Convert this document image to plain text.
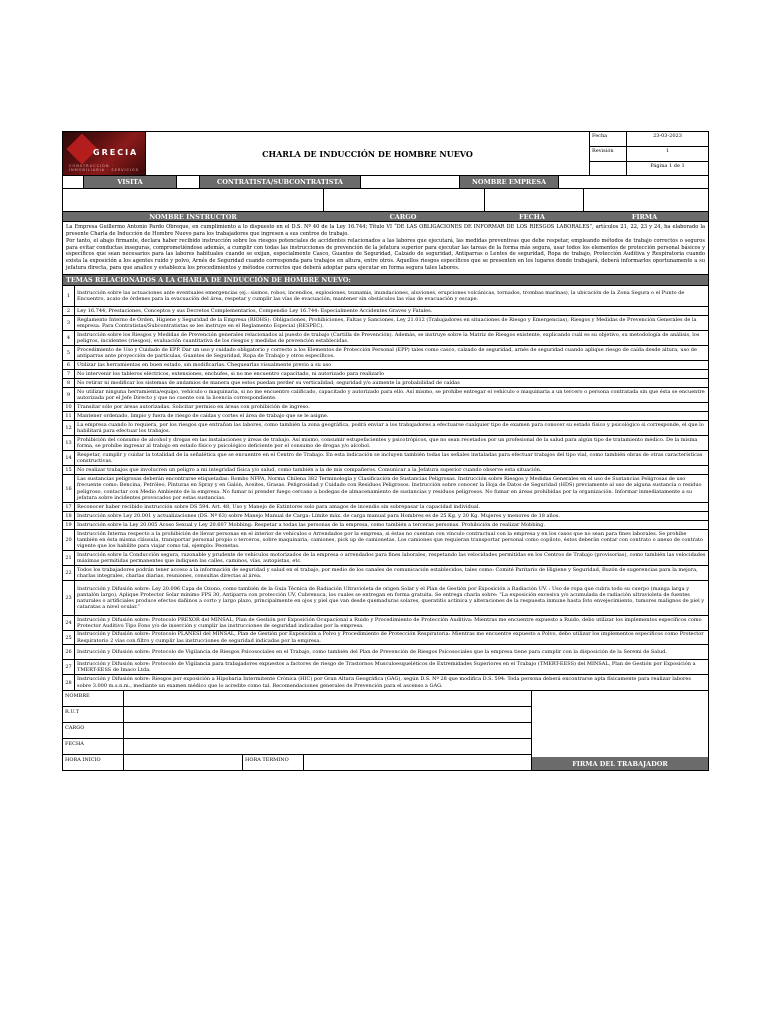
GRECIA
CONSTRUCCIÓN · INMOBILIARIA · SERVICIOS
CHARLA DE INDUCCIÓN DE HOMBRE NUEVO
Fecha	23-03-2023
Revisión	1
Página 1 de 1
VISITA	CONTRATISTA/SUBCONTRATISTA	NOMBRE EMPRESA
NOMBRE INSTRUCTOR	CARGO	FECHA	FIRMA

La Empresa Guillermo Antonio Pardo Obreque, en cumplimiento a lo dispuesto en el D.S. Nº 40 de la Ley 16.744; Título VI “DE LAS OBLIGACIONES DE INFORMAR DE LOS RIESGOS LABORALES”, artículos 21, 22, 23 y 24, ha elaborado la presente Charla de Inducción de Hombre Nuevo para los trabajadores que ingresen a sus centros de trabajo.

Por tanto, el abajo firmante, declara haber recibido instrucción sobre los riesgos potenciales de accidentes relacionados a las labores que ejecutará, las medidas preventivas que debe respetar, empleando métodos de trabajo correctos o seguros para evitar conductas inseguras, comprometiéndose además, a cumplir con todas las instrucciones de prevención de la jefatura superior para ejecutar las tareas de la forma más segura, usar todos los elementos de protección personal básicos y específicos que sean necesarios para las labores habituales cuando se exijan, especialmente Casco, Guantes de Seguridad, Calzado de seguridad, Antiparras o Lentes de seguridad, Ropa de trabajo, Protección Auditiva y Respiratoria cuando exista la exposición a los agentes ruido y polvo, Arnés de Seguridad cuando corresponda para trabajos en altura, entre otros. Aquellos riesgos específicos que se presenten en los lugares donde trabajará, deberá informarlos oportunamente a su jefatura directa, para que analice y establezca los procedimientos y métodos correctos que deberá adoptar para ejecutar en forma segura tales labores.

TEMAS RELACIONADOS A LA CHARLA DE INDUCCIÓN DE HOMBRE NUEVO:
1
Instrucción sobre las actuaciones ante eventuales emergencias (ej.: sismos, robos, incendios, explosiones, tsunamis, inundaciones, aluviones, erupciones volcánicas, tornados, trombas marinas), la ubicación de la Zona Segura o el Punto de Encuentro, acato de órdenes para la evacuación del área, respetar y cumplir las vías de evacuación, mantener sin obstáculos las vías de evacuación y escape.
2	Ley 16.744, Prestaciones, Conceptos y sus Decretos Complementarios, Compendio Ley 16.744: Especialmente Accidentes Graves y Fatales.
3
Reglamento Interno de Orden, Higiene y Seguridad de la Empresa (RIOHS): Obligaciones, Prohibiciones, Faltas y Sanciones, Ley 21.012 (Trabajadores en situaciones de Riesgo y Emergencias), Riesgos y Medidas de Prevención Generales de la empresa. Para Contratistas/Subcontratistas se les instruye en el Reglamento Especial (RESPEC).
4
Instrucción sobre los Riesgos y Medidas de Prevención generales relacionados al puesto de trabajo (Cartilla de Prevención). Además, se instruye sobre la Matriz de Riesgos existente, explicando cuál es su objetivo, su metodología de análisis, los peligros, incidentes (riesgos), evaluación cuantitativa de los riesgos y medidas de prevención establecidas.
5
Procedimiento de Uso y Cuidado de EPP. Dar un uso y cuidado obligatorio y correcto a los Elementos de Protección Personal (EPP) tales como casco, calzado de seguridad, arnés de seguridad cuando aplique riesgo de caída desde altura, uso de antiparras ante proyección de partículas, Guantes de Seguridad, Ropa de Trabajo y otros específicos.
6	Utilizar las herramientas en buen estado, sin modificarlas. Chequearlas visualmente previo a su uso
7	No intervenir los tableros eléctricos, extensiones, enchufes, si no me encuentro capacitado, ni autorizado para realizarlo
8	No retirar ni modificar los sistemas de andamios de manera que estos puedan perder su verticalidad, seguridad y/o aumente la probabilidad de caídas
9
No utilizar ninguna herramienta/equipo, vehículo o maquinaria, si no me encuentro calificado, capacitado y autorizado para ello. Así mismo, se prohíbe entregar el vehículo o maquinaria a un tercero o persona contratada sin que ésta se encuentre autorizada por el Jefe Directo y que no cuente con la licencia correspondiente.
10	Transitar sólo por áreas autorizadas. Solicitar permiso en áreas con prohibición de ingreso.
11	Mantener ordenado, limpio y fuera de riesgo de caídas y cortes el área de trabajo que se le asigne.
12
La empresa cuando lo requiera, por los riesgos que entrañan las labores, como también la zona geográfica, podrá enviar a los trabajadores a efectuarse cualquier tipo de examen para conocer su estado físico y psicológico si corresponde, el que lo habilitará para efectuar los trabajos.
13
Prohibición del consumo de alcohol y drogas en las instalaciones y áreas de trabajo. Así mismo, consumir estupefacientes y psicotrópicos, que no sean recetados por un profesional de la salud para algún tipo de tratamiento médico. De la misma forma, se prohíbe ingresar al trabajo en estado físico y psicológico deficiente por el consumo de drogas y/o alcohol.
14
Respetar, cumplir y cuidar la totalidad de la señalética que se encuentre en el Centro de Trabajo. En esta indicación se incluyen también todas las señales instaladas para efectuar trabajos del tipo vial, como también obras de otras características constructivas.
15	No realizar trabajos que involucren un peligro a mi integridad física y/o salud, como también a la de mis compañeros. Comunicar a la Jefatura superior cuando observe esta situación.
16
Las sustancias peligrosas deberán encontrarse etiquetadas: Rombo NFPA, Norma Chilena 382 Terminología y Clasificación de Sustancias Peligrosas. Instrucción sobre Riesgos y Medidas Generales en el uso de Sustancias Peligrosas de uso frecuente como: Bencina, Petróleo, Pinturas en Spray y en Galón, Aceites, Grasas. Peligrosidad y Cuidado con Residuos Peligrosos. Instrucción sobre conocer la Hoja de Datos de Seguridad (HDS) previamente al uso de alguna sustancia o residuo peligroso, contactar con Medio Ambiente de la empresa. No fumar ni prender fuego cercano a bodegas de almacenamiento de sustancias y residuos peligrosos. No fumar en áreas prohibidas por la organización. Informar inmediatamente a su jefatura sobre incidentes provocados por estas sustancias.
17	Reconocer haber recibido instrucción sobre DS 594. Art. 48, Uso y Manejo de Extintores solo para amagos de incendio sin sobrepasar la capacidad individual.
18	Instrucción sobre Ley 20.001 y actualizaciones (DS. Nº 63) sobre Manejo Manual de Carga: Límite máx. de carga manual para Hombres es de 25 Kg. y 20 Kg. Mujeres y menores de 18 años.
19	Instrucción sobre la Ley 20.005 Acoso Sexual y Ley 20.607 Mobbing: Respetar a todas las personas de la empresa, como también a terceras personas. Prohibición de realizar Mobbing.
20
Instrucción Interna respecto a la prohibición de llevar personas en el interior de vehículos o Arrendados por la empresa, si éstas no cuentan con vínculo contractual con la empresa y en los casos que no sean para fines laborales. Se prohíbe también en ésta misma cláusula, transportar personal propio o terceros, sobre maquinaria, camiones, pick up de camionetas. Los camiones que requieran transportar personal como copiloto, éstos deberán contar con contrato o anexo de contrato vigente que los habilite para viajar como tal, ejemplo: Peonetas.
21
Instrucción sobre la Conducción segura, razonable y prudente de vehículos motorizados de la empresa o arrendados para fines laborales, respetando las velocidades permitidas en los Centros de Trabajo (provisorias), como también las velocidades máximas permitidas permanentes que indiquen las calles, caminos, vías, autopistas, etc.
22
Todos los trabajadores podrán tener acceso a la información de seguridad y salud en el trabajo, por medio de los canales de comunicación establecidos, tales como: Comité Paritario de Higiene y Seguridad, Buzón de sugerencias para la mejora, charlas integrales, charlas diarias, reuniones, consultas directas al área.
23
Instrucción y Difusión sobre: Ley 20.096 Capa de Ozono, como también de la Guía Técnica de Radiación Ultravioleta de origen Solar y el Plan de Gestión por Exposición a Radiación UV. : Uso de ropa que cubra todo su cuerpo (manga larga y pantalón largo), Aplique Protector Solar mínimo FPS 30, Antiparra con protección UV, Cubrenuca, los cuales se entregan en forma gratuita. Se entrega charla sobre: “La exposición excesiva y/o acumulada de radiación ultravioleta de fuentes naturales o artificiales produce efectos dañinos a corto y largo plazo, principalmente en ojos y piel que van desde quemaduras solares, queratitis actínica y alteraciones de la respuesta inmune hasta foto envejecimiento, tumores malignos de piel y cataratas a nivel ocular.”
24
Instrucción y Difusión sobre: Protocolo PREXOR del MINSAL, Plan de Gestión por Exposición Ocupacional a Ruido y Procedimiento de Protección Auditiva: Mientras me encuentre expuesto a Ruido, debo utilizar los implementos específicos como Protector Auditivo Tipo Fono y/o de inserción y cumplir las instrucciones de seguridad indicadas por la empresa.
25
Instrucción y Difusión sobre: Protocolo PLANESI del MINSAL, Plan de Gestión por Exposición a Polvo y Procedimiento de Protección Respiratoria: Mientras me encuentre expuesto a Polvo, debo utilizar los implementos específicos como Protector Respiratorio 2 vías con filtro y cumplir las instrucciones de seguridad indicadas por la empresa.
26	Instrucción y Difusión sobre: Protocolo de Vigilancia de Riesgos Psicosociales en el Trabajo, como también del Plan de Prevención de Riesgos Psicosociales que la empresa tiene para cumplir con la disposición de la Seremi de Salud.
27
Instrucción y Difusión sobre: Protocolo de Vigilancia para trabajadores expuestos a factores de riesgo de Trastornos Musculoesqueléticos de Extremidades Superiores en el Trabajo (TMERT-EESS) del MINSAL, Plan de Gestión por Exposición a TMERT-EESS de Imaco Ltda.
28
Instrucción y Difusión sobre: Riesgos por exposición a Hipobaria Intermitente Crónica (HIC) por Gran Altura Geográfica (GAG), según D.S. Nº 28 que modifica D.S. 594: Toda persona deberá encontrarse apta físicamente para realizar labores sobre 3.000 m.s.n.m., mediante un examen médico que lo acredite como tal. Recomendaciones generales de Prevención para el ascenso a GAG.
NOMBRE
R.U.T
CARGO
FECHA
HORA INICIO	HORA TERMINO	FIRMA DEL TRABAJADOR
